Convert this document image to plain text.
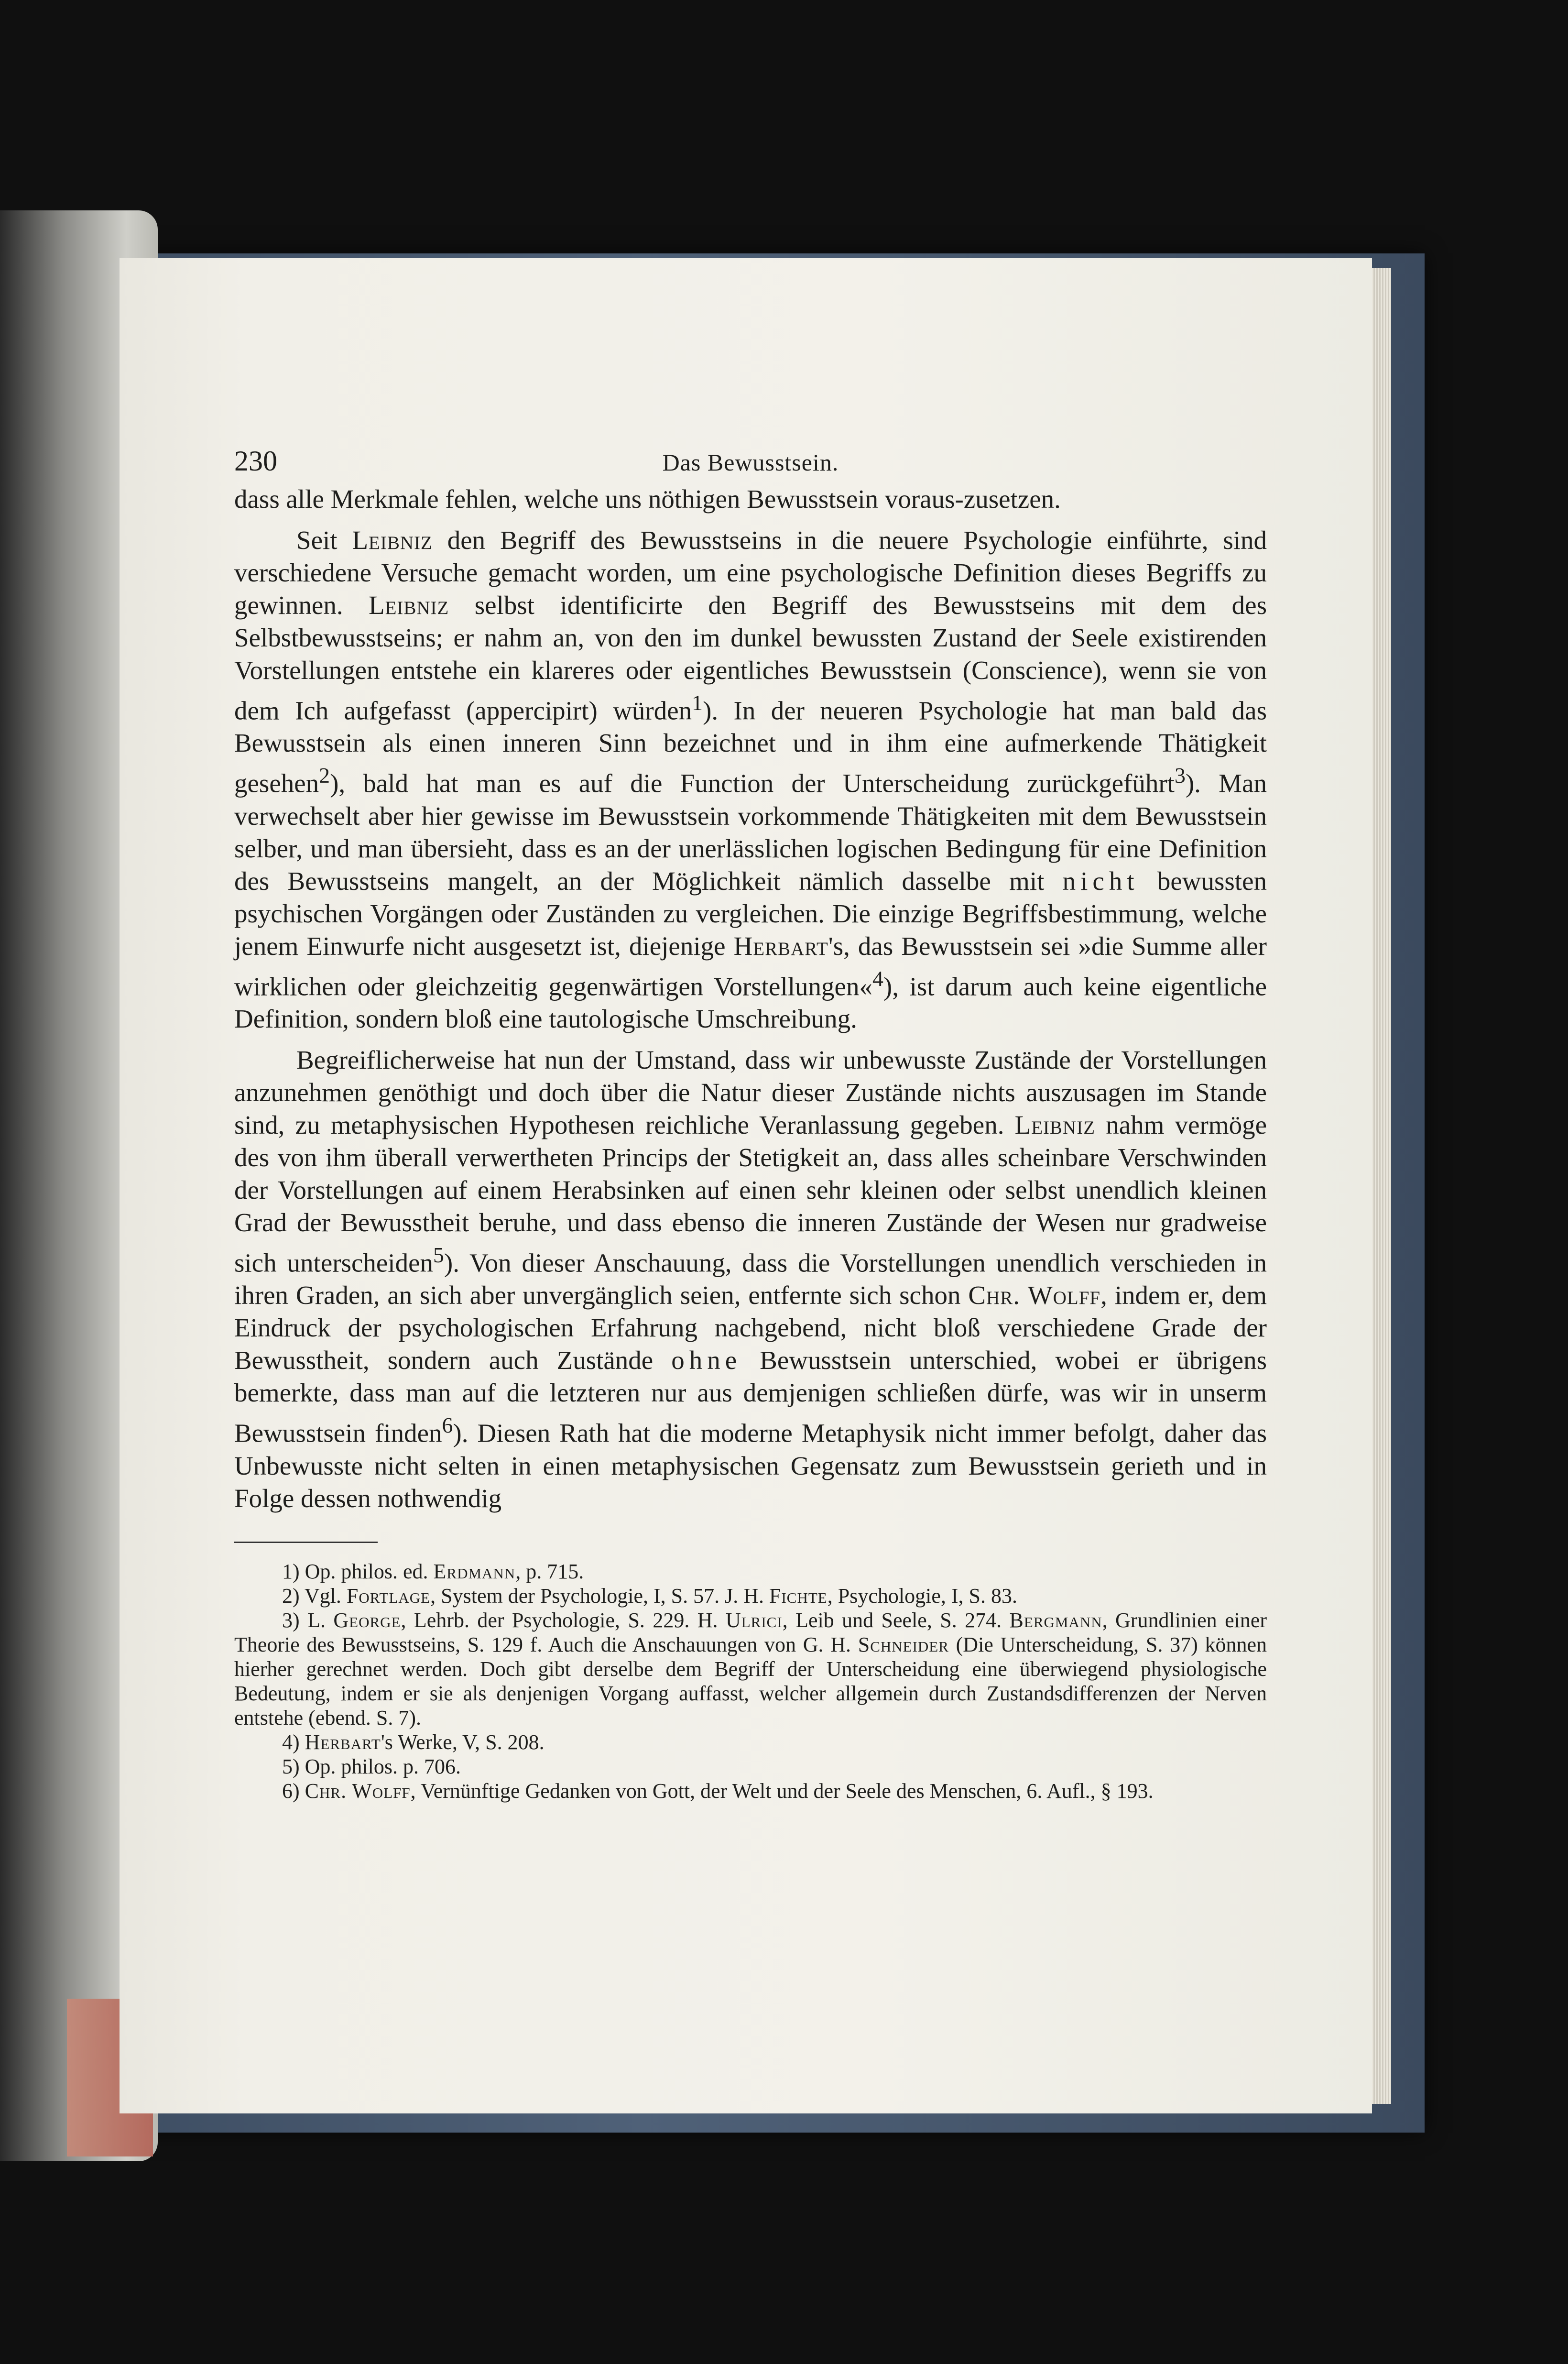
230	Das Bewusstsein.

dass alle Merkmale fehlen, welche uns nöthigen Bewusstsein voraus-zusetzen.

Seit Leibniz den Begriff des Bewusstseins in die neuere Psychologie einführte, sind verschiedene Versuche gemacht worden, um eine psychologische Definition dieses Begriffs zu gewinnen. Leibniz selbst identificirte den Begriff des Bewusstseins mit dem des Selbstbewusstseins; er nahm an, von den im dunkel bewussten Zustand der Seele existirenden Vorstellungen entstehe ein klareres oder eigentliches Bewusstsein (Conscience), wenn sie von dem Ich aufgefasst (appercipirt) würden$^1$). In der neueren Psychologie hat man bald das Bewusstsein als einen inneren Sinn bezeichnet und in ihm eine aufmerkende Thätigkeit gesehen$^2$), bald hat man es auf die Function der Unterscheidung zurückgeführt$^3$). Man verwechselt aber hier gewisse im Bewusstsein vorkommende Thätigkeiten mit dem Bewusstsein selber, und man übersieht, dass es an der unerlässlichen logischen Bedingung für eine Definition des Bewusstseins mangelt, an der Möglichkeit nämlich dasselbe mit nicht bewussten psychischen Vorgängen oder Zuständen zu vergleichen. Die einzige Begriffsbestimmung, welche jenem Einwurfe nicht ausgesetzt ist, diejenige Herbart's, das Bewusstsein sei »die Summe aller wirklichen oder gleichzeitig gegenwärtigen Vorstellungen«$^4$), ist darum auch keine eigentliche Definition, sondern bloß eine tautologische Umschreibung.

Begreiflicherweise hat nun der Umstand, dass wir unbewusste Zustände der Vorstellungen anzunehmen genöthigt und doch über die Natur dieser Zustände nichts auszusagen im Stande sind, zu metaphysischen Hypothesen reichliche Veranlassung gegeben. Leibniz nahm vermöge des von ihm überall verwertheten Princips der Stetigkeit an, dass alles scheinbare Verschwinden der Vorstellungen auf einem Herabsinken auf einen sehr kleinen oder selbst unendlich kleinen Grad der Bewusstheit beruhe, und dass ebenso die inneren Zustände der Wesen nur gradweise sich unterscheiden$^5$). Von dieser Anschauung, dass die Vorstellungen unendlich verschieden in ihren Graden, an sich aber unvergänglich seien, entfernte sich schon Chr. Wolff, indem er, dem Eindruck der psychologischen Erfahrung nachgebend, nicht bloß verschiedene Grade der Bewusstheit, sondern auch Zustände ohne Bewusstsein unterschied, wobei er übrigens bemerkte, dass man auf die letzteren nur aus demjenigen schließen dürfe, was wir in unserm Bewusstsein finden$^6$). Diesen Rath hat die moderne Metaphysik nicht immer befolgt, daher das Unbewusste nicht selten in einen metaphysischen Gegensatz zum Bewusstsein gerieth und in Folge dessen nothwendig

1) Op. philos. ed. Erdmann, p. 715.

2) Vgl. Fortlage, System der Psychologie, I, S. 57. J. H. Fichte, Psychologie, I, S. 83.

3) L. George, Lehrb. der Psychologie, S. 229. H. Ulrici, Leib und Seele, S. 274. Bergmann, Grundlinien einer Theorie des Bewusstseins, S. 129 f. Auch die Anschauungen von G. H. Schneider (Die Unterscheidung, S. 37) können hierher gerechnet werden. Doch gibt derselbe dem Begriff der Unterscheidung eine überwiegend physiologische Bedeutung, indem er sie als denjenigen Vorgang auffasst, welcher allgemein durch Zustandsdifferenzen der Nerven entstehe (ebend. S. 7).

4) Herbart's Werke, V, S. 208.

5) Op. philos. p. 706.

6) Chr. Wolff, Vernünftige Gedanken von Gott, der Welt und der Seele des Menschen, 6. Aufl., § 193.
